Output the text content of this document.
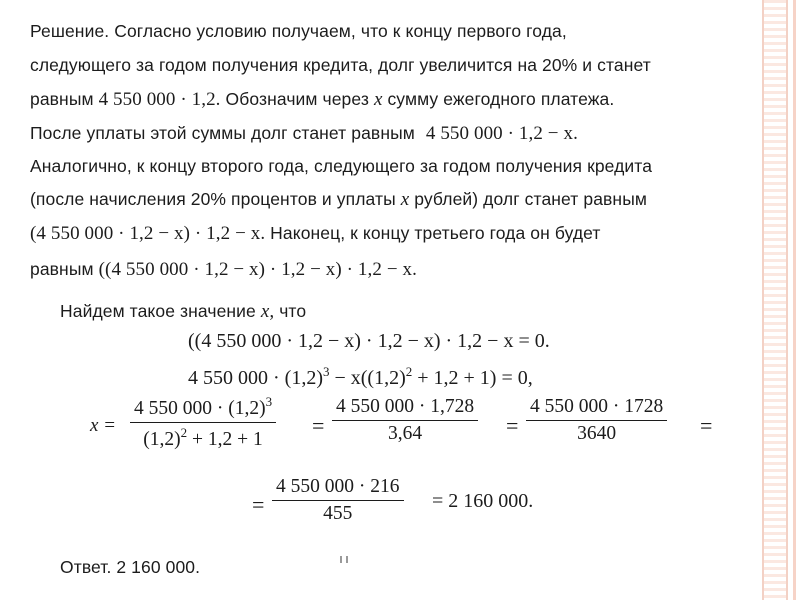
Решение. Согласно условию получаем, что к концу первого года,
следующего за годом получения кредита, долг увеличится на 20% и станет
равным 4 550 000 · 1,2. Обозначим через x сумму ежегодного платежа.
После уплаты этой суммы долг станет равным 4 550 000 · 1,2 − x.
Аналогично, к концу второго года, следующего за годом получения кредита
(после начисления 20% процентов и уплаты x рублей) долг станет равным
(4 550 000 · 1,2 − x) · 1,2 − x. Наконец, к концу третьего года он будет
равным ((4 550 000 · 1,2 − x) · 1,2 − x) · 1,2 − x.
Найдем такое значение x, что
((4 550 000 · 1,2 − x) · 1,2 − x) · 1,2 − x = 0.
4 550 $000 \cdot (1,2)^3 - x((1,2)^2 + 1,2 + 1) = 0$,
x =
4 550 $000 \cdot (1,2)^3$
$(1,2)^2 + 1,2 + 1$
=
4 550 000 · 1,728
3,64	=
4 550 000 · 1728
3640	=
=
4 550 000 · 216
455
= 2 160 000.
Ответ. 2 160 000.
